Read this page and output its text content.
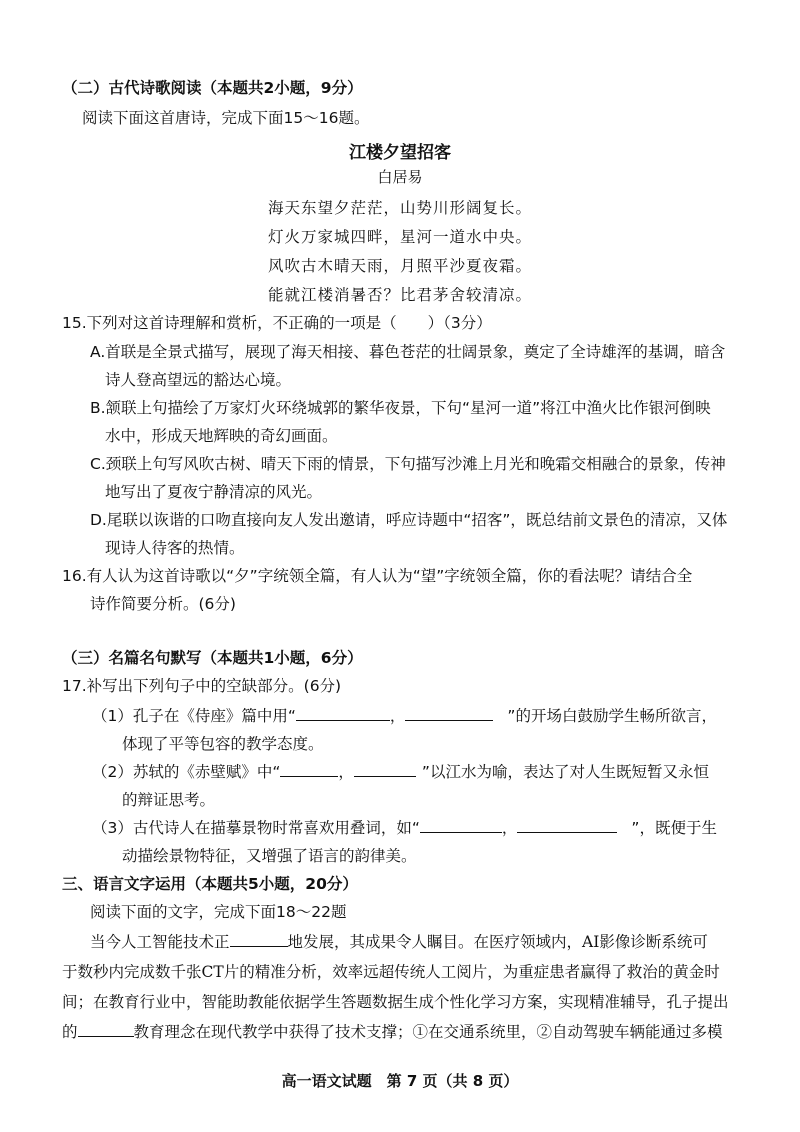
（二）古代诗歌阅读（本题共2小题，9分）
阅读下面这首唐诗，完成下面15～16题。
江楼夕望招客
白居易
海天东望夕茫茫，山势川形阔复长。
灯火万家城四畔，星河一道水中央。
风吹古木晴天雨，月照平沙夏夜霜。
能就江楼消暑否？比君茅舍较清凉。
15.下列对这首诗理解和赏析，不正确的一项是（　　）（3分）
A.首联是全景式描写，展现了海天相接、暮色苍茫的壮阔景象，奠定了全诗雄浑的基调，暗含
诗人登高望远的豁达心境。
B.颔联上句描绘了万家灯火环绕城郭的繁华夜景，下句“星河一道”将江中渔火比作银河倒映
水中，形成天地辉映的奇幻画面。
C.颈联上句写风吹古树、晴天下雨的情景，下句描写沙滩上月光和晚霜交相融合的景象，传神
地写出了夏夜宁静清凉的风光。
D.尾联以诙谐的口吻直接向友人发出邀请，呼应诗题中“招客”，既总结前文景色的清凉，又体
现诗人待客的热情。
16.有人认为这首诗歌以“夕”字统领全篇，有人认为“望”字统领全篇，你的看法呢？请结合全
诗作简要分析。(6分)
（三）名篇名句默写（本题共1小题，6分）
17.补写出下列句子中的空缺部分。(6分)
（1）孔子在《侍座》篇中用“	，	”的开场白鼓励学生畅所欲言，
体现了平等包容的教学态度。
（2）苏轼的《赤壁赋》中“	，	”以江水为喻，表达了对人生既短暂又永恒
的辩证思考。
（3）古代诗人在描摹景物时常喜欢用叠词，如“	，	”，既便于生
动描绘景物特征，又增强了语言的韵律美。
三、语言文字运用（本题共5小题，20分）
阅读下面的文字，完成下面18～22题
当今人工智能技术正	地发展，其成果令人瞩目。在医疗领域内，AI影像诊断系统可
于数秒内完成数千张CT片的精准分析，效率远超传统人工阅片，为重症患者赢得了救治的黄金时
间；在教育行业中，智能助教能依据学生答题数据生成个性化学习方案，实现精准辅导，孔子提出
的	教育理念在现代教学中获得了技术支撑；①在交通系统里，②自动驾驶车辆能通过多模
高一语文试题　第 7 页（共 8 页）
